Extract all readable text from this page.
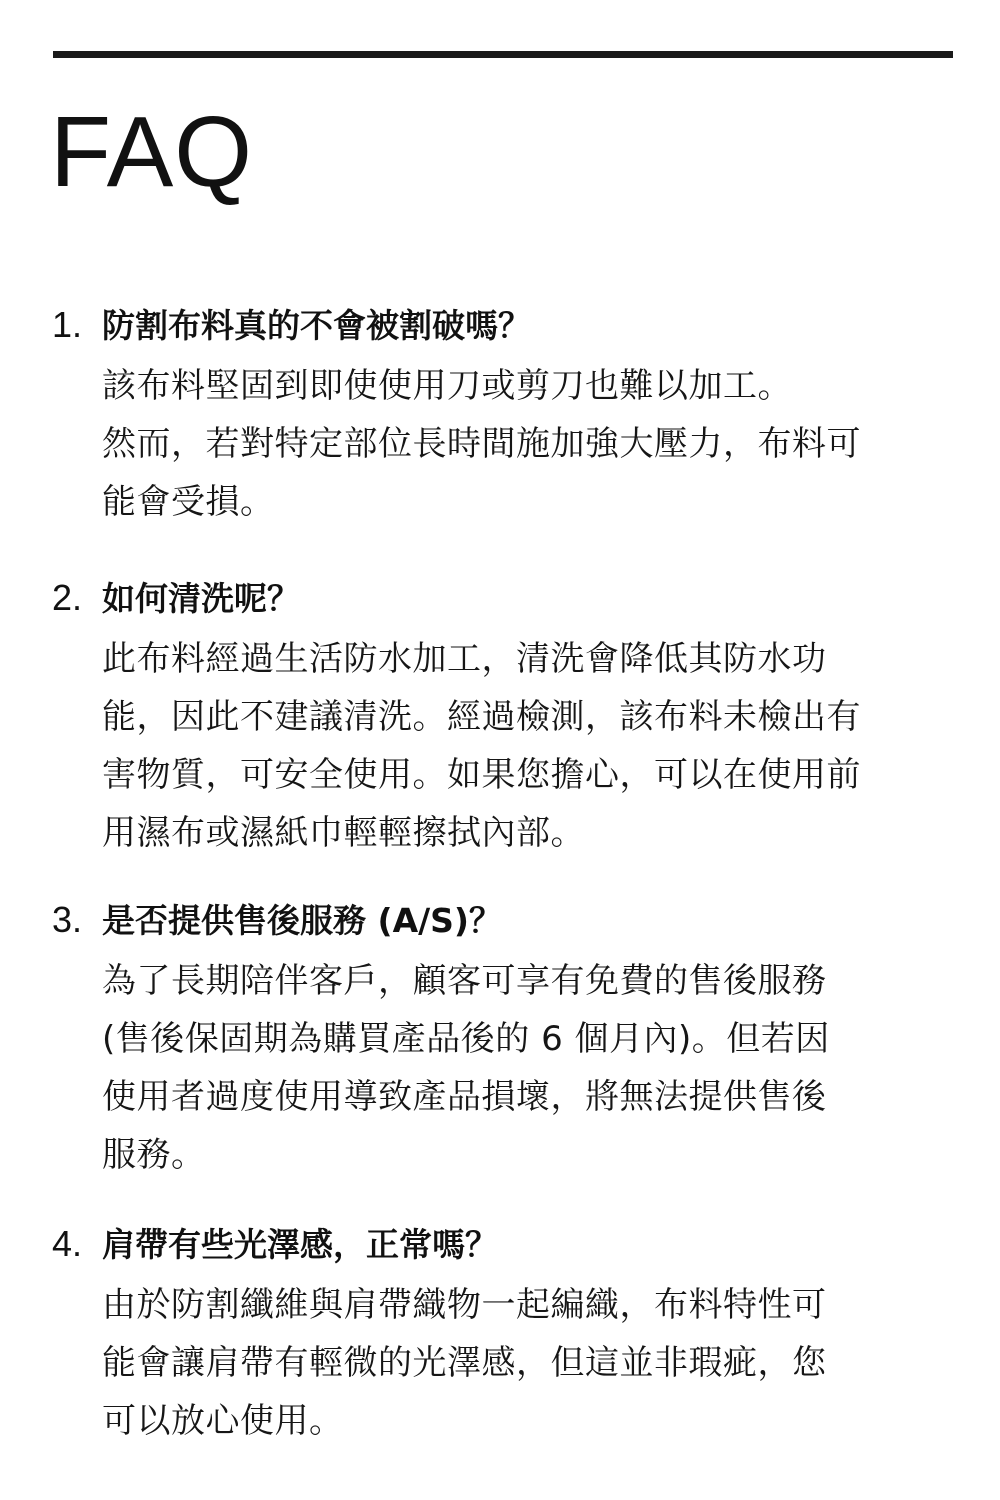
FAQ
1. 防割布料真的不會被割破嗎？
該布料堅固到即使使用刀或剪刀也難以加工。
然而，若對特定部位長時間施加強大壓力，布料可
能會受損。
2. 如何清洗呢？
此布料經過生活防水加工，清洗會降低其防水功
能，因此不建議清洗。經過檢測，該布料未檢出有
害物質，可安全使用。如果您擔心，可以在使用前
用濕布或濕紙巾輕輕擦拭內部。
3. 是否提供售後服務 (A/S)？
為了長期陪伴客戶，顧客可享有免費的售後服務
(售後保固期為購買產品後的 6 個月內)。但若因
使用者過度使用導致產品損壞，將無法提供售後
服務。
4. 肩帶有些光澤感，正常嗎？
由於防割纖維與肩帶織物一起編織，布料特性可
能會讓肩帶有輕微的光澤感，但這並非瑕疵，您
可以放心使用。
